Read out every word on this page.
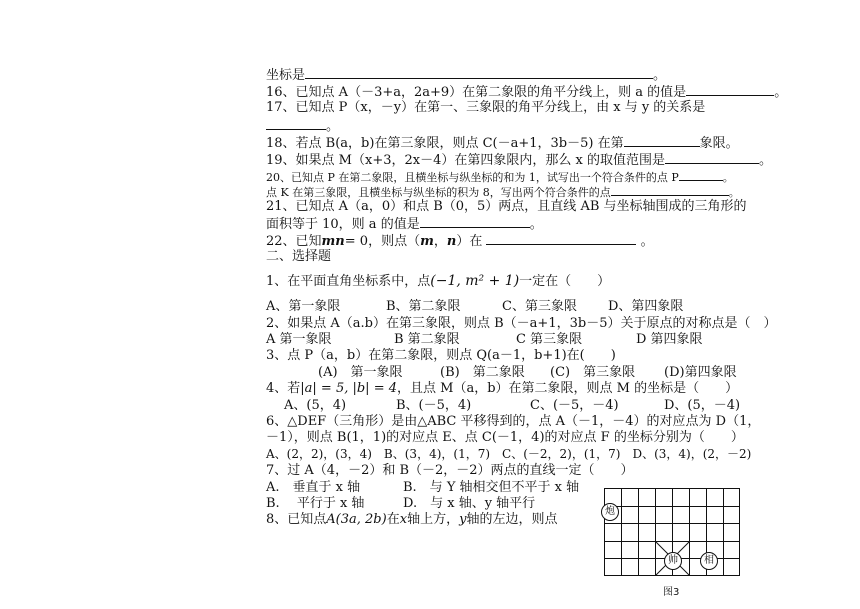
坐标是	。
16、已知点 A（－3+a，2a+9）在第二象限的角平分线上，则 a 的值是	。
17、已知点 P（x，－y）在第一、三象限的角平分线上，由 x 与 y 的关系是
。
18、若点 B(a，b)在第三象限，则点 C(－a+1，3b－5) 在第	象限。
19、如果点 M（x+3，2x－4）在第四象限内，那么 x 的取值范围是	。
20、已知点 P 在第二象限，且横坐标与纵坐标的和为 1，试写出一个符合条件的点 P	。
点 K 在第三象限，且横坐标与纵坐标的积为 8，写出两个符合条件的点	。
21、已知点 A（a，0）和点 B（0，5）两点，且直线 AB 与坐标轴围成的三角形的
面积等于 10，则 a 的值是	。
22、已知mn= 0，则点（m，n）在	。
二、选择题
1、在平面直角坐标系中，点(−1, m² + 1)一定在（　　）
A、第一象限	B、第二象限	C、第三象限 D、第四象限
2、如果点 A（a.b）在第三象限，则点 B（－a+1，3b－5）关于原点的对称点是（　）
A 第一象限	B 第二象限	C 第三象限	D 第四象限
3、点 P（a，b）在第二象限，则点 Q(a－1，b+1)在(　　)
(A)　第一象限	(B)　第二象限 (C)　第三象限 (D)第四象限
4、若|a| = 5, |b| = 4，且点 M（a，b）在第二象限，则点 M 的坐标是（　　）
A、(5，4)	B、(－5，4)	C、(－5，－4)	D、(5，－4)
6、△DEF（三角形）是由△ABC 平移得到的，点 A（－1，－4）的对应点为 D（1，
－1），则点 B(1，1)的对应点 E、点 C(－1，4)的对应点 F 的坐标分别为（　　）
A、(2，2)，(3，4)　B、(3，4)，(1，7)　C、(－2，2)，(1，7)　D、(3，4)，(2，－2)
7、过 A（4，－2）和 B（－2，－2）两点的直线一定（　　）
A.　垂直于 x 轴	B.　与 Y 轴相交但不平于 x 轴
B.　 平行于 x 轴	D.　与 x 轴、y 轴平行
8、已知点A(3a, 2b)在x轴上方，y轴的左边，则点
帅
炮
相
图3
